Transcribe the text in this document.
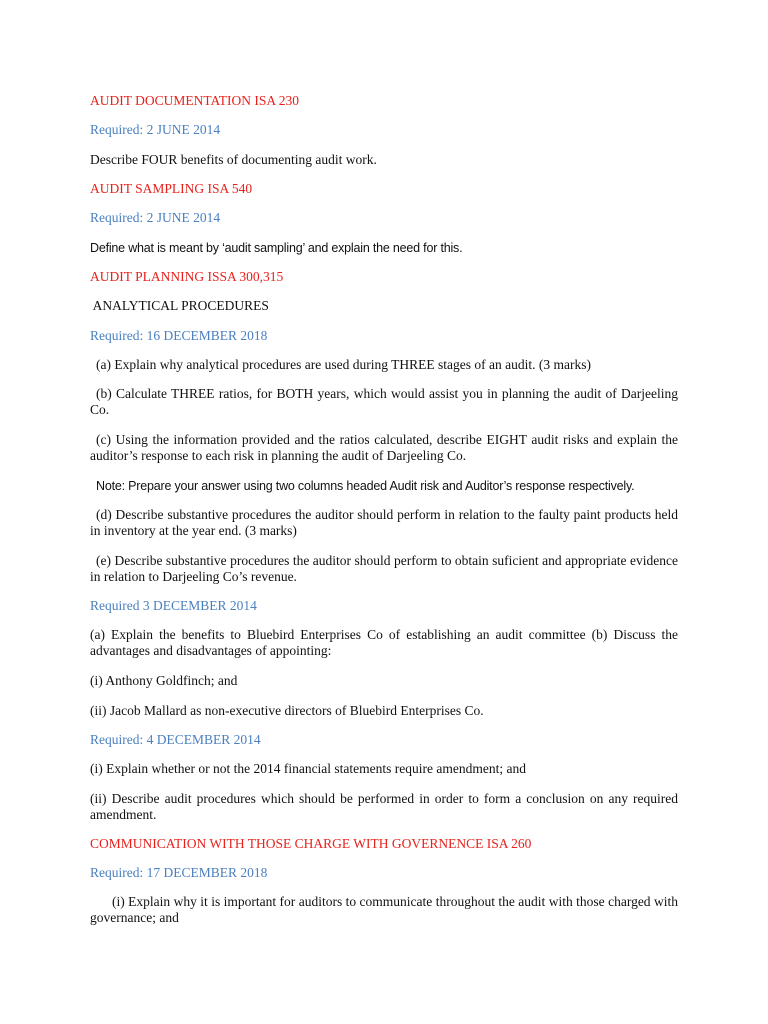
AUDIT DOCUMENTATION ISA 230
Required: 2 JUNE 2014
Describe FOUR benefits of documenting audit work.
AUDIT SAMPLING ISA 540
Required: 2 JUNE 2014
Define what is meant by ‘audit sampling’ and explain the need for this.
AUDIT PLANNING ISSA 300,315
ANALYTICAL PROCEDURES
Required: 16 DECEMBER 2018
(a) Explain why analytical procedures are used during THREE stages of an audit. (3 marks)
(b) Calculate THREE ratios, for BOTH years, which would assist you in planning the audit of Darjeeling Co.
(c) Using the information provided and the ratios calculated, describe EIGHT audit risks and explain the auditor’s response to each risk in planning the audit of Darjeeling Co.
Note: Prepare your answer using two columns headed Audit risk and Auditor’s response respectively.
(d) Describe substantive procedures the auditor should perform in relation to the faulty paint products held in inventory at the year end. (3 marks)
(e) Describe substantive procedures the auditor should perform to obtain suficient and appropriate evidence in relation to Darjeeling Co’s revenue.
Required 3 DECEMBER 2014
(a) Explain the benefits to Bluebird Enterprises Co of establishing an audit committee (b) Discuss the advantages and disadvantages of appointing:
(i) Anthony Goldfinch; and
(ii) Jacob Mallard as non-executive directors of Bluebird Enterprises Co.
Required: 4 DECEMBER 2014
(i) Explain whether or not the 2014 financial statements require amendment; and
(ii) Describe audit procedures which should be performed in order to form a conclusion on any required amendment.
COMMUNICATION WITH THOSE CHARGE WITH GOVERNENCE ISA 260
Required: 17 DECEMBER 2018
(i) Explain why it is important for auditors to communicate throughout the audit with those charged with governance; and
